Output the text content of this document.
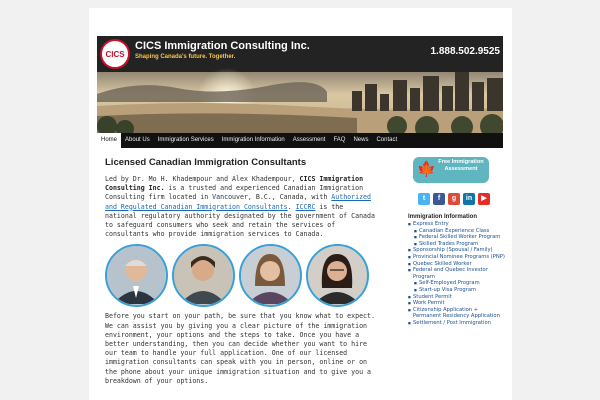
CICS
CICS Immigration Consulting Inc.
Shaping Canada's future. Together.	1.888.502.9525
Home	About Us	Immigration Services	Immigration Information	Assessment	FAQ	News	Contact
Licensed Canadian Immigration Consultants

Led by Dr. Mo H. Khadempour and Alex Khadempour, CICS Immigration Consulting Inc. is a trusted and experienced Canadian Immigration Consulting firm located in Vancouver, B.C., Canada, with Authorized and Regulated Canadian Immigration Consultants. ICCRC is the national regulatory authority designated by the government of Canada to safeguard consumers who seek and retain the services of consultants who provide immigration services to Canada.

Before you start on your path, be sure that you know what to expect. We can assist you by giving you a clear picture of the immigration environment, your options and the steps to take. Once you have a better understanding, then you can decide whether you want to hire our team to handle your full application. One of our licensed immigration consultants can speak with you in person, online or on the phone about your unique immigration situation and to give you a breakdown of your options.

🍁 Free Immigration Assessment
t	f	g	in	▶
Immigration Information
■ Express Entry
■ Canadian Experience Class
■ Federal Skilled Worker Program
■ Skilled Trades Program
■ Sponsorship (Spousal / Family)
■ Provincial Nominee Programs (PNP)
■ Quebec Skilled Worker
■ Federal and Quebec Investor Program
■ Self-Employed Program
■ Start-up Visa Program
■ Student Permit
■ Work Permit
■ Citizenship Application + Permanent Residency Application
■ Settlement / Post Immigration
